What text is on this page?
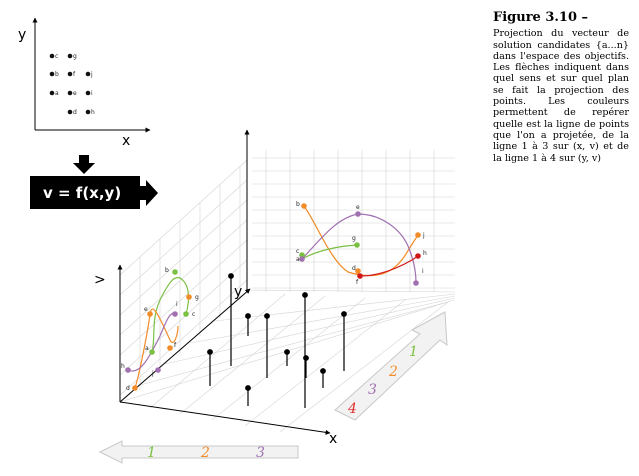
y
x
c g
b f	j
a e i
d h
v = f(x,y)
>
y
x
b
c
a
e
h
d
i
j
g
f
b	e
c
a
g	j
d
f
h
i
1	2	3
1
2
3
4

Figure 3.10 –

Projection du vecteur de solution candidates {a...n} dans l'espace des objectifs. Les flèches indiquent dans quel sens et sur quel plan se fait la projection des points. Les couleurs permettent de repérer quelle est la ligne de points que l'on a projetée, de la ligne 1 à 3 sur (x, v) et de la ligne 1 à 4 sur (y, v)
